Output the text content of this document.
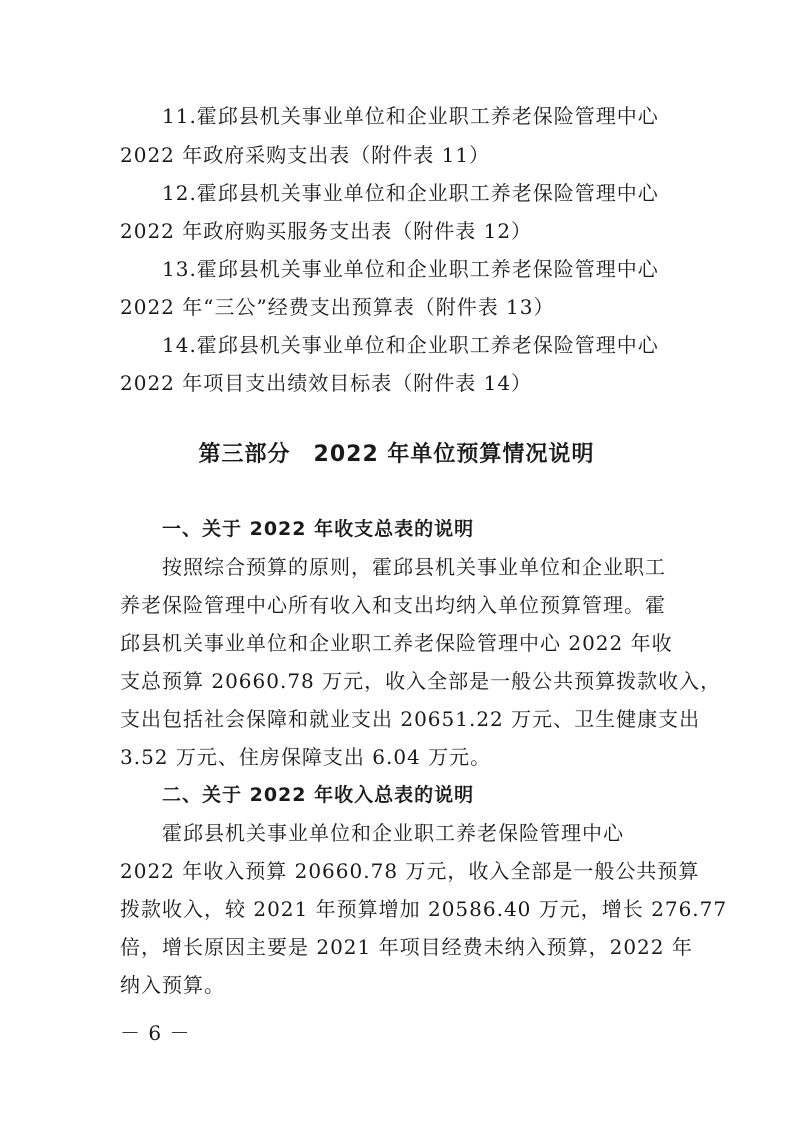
11.霍邱县机关事业单位和企业职工养老保险管理中心
2022 年政府采购支出表（附件表 11）
12.霍邱县机关事业单位和企业职工养老保险管理中心
2022 年政府购买服务支出表（附件表 12）
13.霍邱县机关事业单位和企业职工养老保险管理中心
2022 年“三公”经费支出预算表（附件表 13）
14.霍邱县机关事业单位和企业职工养老保险管理中心
2022 年项目支出绩效目标表（附件表 14）
第三部分　2022 年单位预算情况说明
一、关于 2022 年收支总表的说明
按照综合预算的原则，霍邱县机关事业单位和企业职工
养老保险管理中心所有收入和支出均纳入单位预算管理。霍
邱县机关事业单位和企业职工养老保险管理中心 2022 年收
支总预算 20660.78 万元，收入全部是一般公共预算拨款收入，
支出包括社会保障和就业支出 20651.22 万元、卫生健康支出
3.52 万元、住房保障支出 6.04 万元。
二、关于 2022 年收入总表的说明
霍邱县机关事业单位和企业职工养老保险管理中心
2022 年收入预算 20660.78 万元，收入全部是一般公共预算
拨款收入，较 2021 年预算增加 20586.40 万元，增长 276.77
倍，增长原因主要是 2021 年项目经费未纳入预算，2022 年
纳入预算。
－ 6 －
